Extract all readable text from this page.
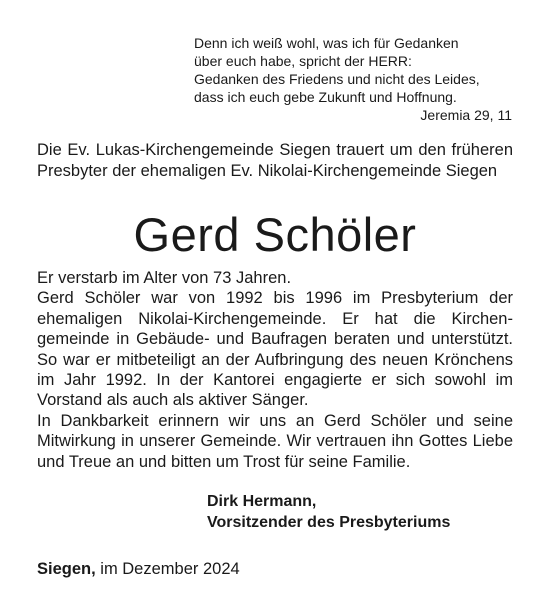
Denn ich weiß wohl, was ich für Gedanken
über euch habe, spricht der HERR:
Gedanken des Friedens und nicht des Leides,
dass ich euch gebe Zukunft und Hoffnung.
Jeremia 29, 11
Die Ev. Lukas-Kirchengemeinde Siegen trauert um den früheren Presbyter der ehemaligen Ev. Nikolai-Kirchengemeinde Siegen
Gerd Schöler

Er verstarb im Alter von 73 Jahren.

Gerd Schöler war von 1992 bis 1996 im Presbyterium der ehemaligen Nikolai-Kirchengemeinde. Er hat die Kirchengemeinde in Gebäude- und Baufragen beraten und unterstützt. So war er mitbeteiligt an der Aufbringung des neuen Krönchens im Jahr 1992. In der Kantorei engagierte er sich sowohl im Vorstand als auch als aktiver Sänger.

In Dankbarkeit erinnern wir uns an Gerd Schöler und seine Mitwirkung in unserer Gemeinde. Wir vertrauen ihn Gottes Liebe und Treue an und bitten um Trost für seine Familie.

Dirk Hermann,
Vorsitzender des Presbyteriums
Siegen, im Dezember 2024
